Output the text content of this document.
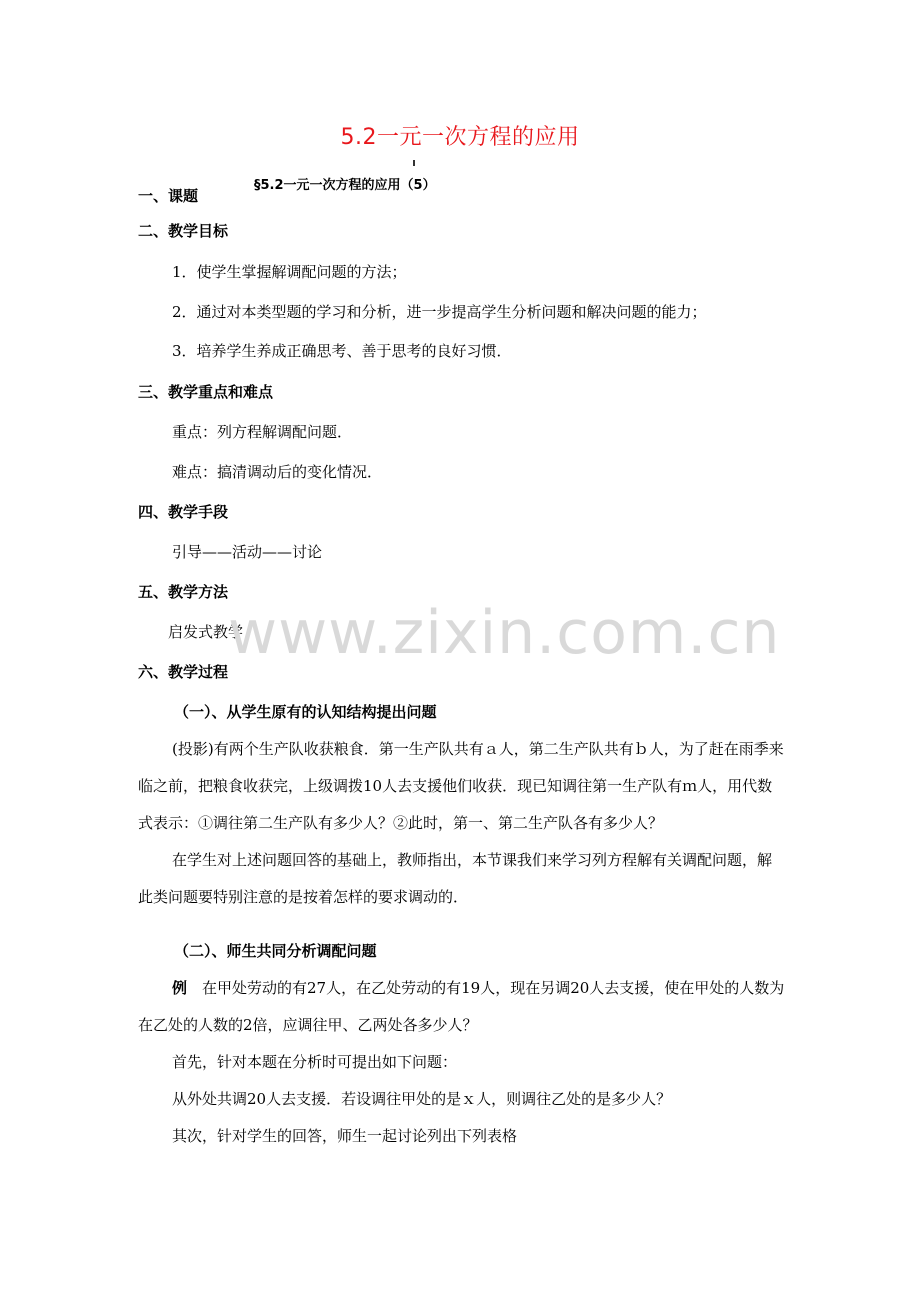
5.2一元一次方程的应用
§5.2一元一次方程的应用（5）
一、课题
二、教学目标
1．使学生掌握解调配问题的方法；
2．通过对本类型题的学习和分析，进一步提高学生分析问题和解决问题的能力；
3．培养学生养成正确思考、善于思考的良好习惯．
三、教学重点和难点
重点：列方程解调配问题．
难点：搞清调动后的变化情况．
四、教学手段
引导——活动——讨论
五、教学方法
启发式教学
www.zixin.com.cn
六、教学过程
（一）、从学生原有的认知结构提出问题

(投影)有两个生产队收获粮食．第一生产队共有ａ人，第二生产队共有ｂ人，为了赶在雨季来临之前，把粮食收获完，上级调拨10人去支援他们收获．现已知调往第一生产队有ｍ人，用代数式表示：①调往第二生产队有多少人？②此时，第一、第二生产队各有多少人？

在学生对上述问题回答的基础上，教师指出，本节课我们来学习列方程解有关调配问题，解此类问题要特别注意的是按着怎样的要求调动的．

（二）、师生共同分析调配问题

例　在甲处劳动的有27人，在乙处劳动的有19人，现在另调20人去支援，使在甲处的人数为在乙处的人数的2倍，应调往甲、乙两处各多少人？

首先，针对本题在分析时可提出如下问题：

从外处共调20人去支援．若设调往甲处的是ｘ人，则调往乙处的是多少人？

其次，针对学生的回答，师生一起讨论列出下列表格
